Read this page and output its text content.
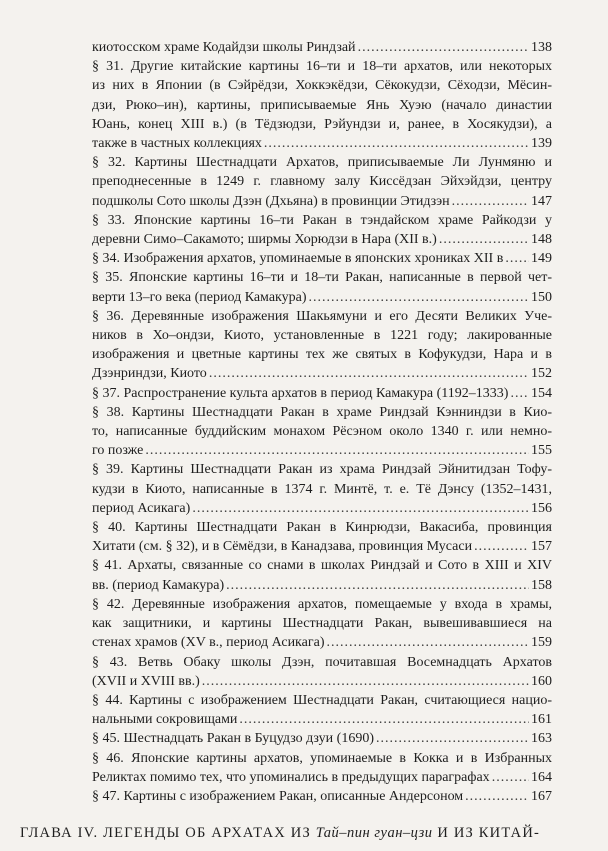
киотосском храме Кодайдзи школы Риндзай .....	138
§ 31. Другие китайские картины 16–ти и 18–ти архатов, или некоторых
из них в Японии (в Сэйрёдзи, Хоккэкёдзи, Сёкокудзи, Сёходзи, Мёсин-
дзи, Рюко–ин), картины, приписываемые Янь Хуэю (начало династии
Юань, конец XIII в.) (в Тёдзюдзи, Рэйундзи и, ранее, в Хосякудзи), а
также в частных коллекциях .....	139
§ 32. Картины Шестнадцати Архатов, приписываемые Ли Лунмяню и
преподнесенные в 1249 г. главному залу Киссёдзан Эйхэйдзи, центру
подшколы Сото школы Дзэн (Дхьяна) в провинции Этидзэн .....	147
§ 33. Японские картины 16–ти Ракан в тэндайском храме Райкодзи у
деревни Симо–Сакамото; ширмы Хорюдзи в Нара (XII в.) .....	148
§ 34. Изображения архатов, упоминаемые в японских хрониках XII в ..... 149
§ 35. Японские картины 16–ти и 18–ти Ракан, написанные в первой чет-
верти 13–го века (период Камакура) .....	150
§ 36. Деревянные изображения Шакьямуни и его Десяти Великих Уче-
ников в Хо–ондзи, Киото, установленные в 1221 году; лакированные
изображения и цветные картины тех же святых в Кофукудзи, Нара и в
Дзэнриндзи, Киото .....	152
§ 37. Распространение культа архатов в период Камакура (1192–1333) ..... 154
§ 38. Картины Шестнадцати Ракан в храме Риндзай Кэнниндзи в Кио-
то, написанные буддийским монахом Рёсэном около 1340 г. или немно-
го позже .....	155
§ 39. Картины Шестнадцати Ракан из храма Риндзай Эйнитидзан Тофу-
кудзи в Киото, написанные в 1374 г. Минтё, т. е. Тё Дэнсу (1352–1431,
период Асикага) .....	156
§ 40. Картины Шестнадцати Ракан в Кинрюдзи, Вакасиба, провинция
Хитати (см. § 32), и в Сёмёдзи, в Канадзава, провинция Мусаси .....	157
§ 41. Архаты, связанные со снами в школах Риндзай и Сото в XIII и XIV
вв. (период Камакура) .....	158
§ 42. Деревянные изображения архатов, помещаемые у входа в храмы,
как защитники, и картины Шестнадцати Ракан, вывешивавшиеся на
стенах храмов (XV в., период Асикага) .....	159
§ 43. Ветвь Обаку школы Дзэн, почитавшая Восемнадцать Архатов
(XVII и XVIII вв.) .....	160
§ 44. Картины с изображением Шестнадцати Ракан, считающиеся нацио-
нальными сокровищами .....	161
§ 45. Шестнадцать Ракан в Буцудзо дзуи (1690) .....	163
§ 46. Японские картины архатов, упоминаемые в Кокка и в Избранных
Реликтах помимо тех, что упоминались в предыдущих параграфах .....	164
§ 47. Картины с изображением Ракан, описанные Андерсоном .....	167
ГЛАВА IV. ЛЕГЕНДЫ ОБ АРХАТАХ ИЗ Тай–пин гуан–цзи И ИЗ КИТАЙ-
